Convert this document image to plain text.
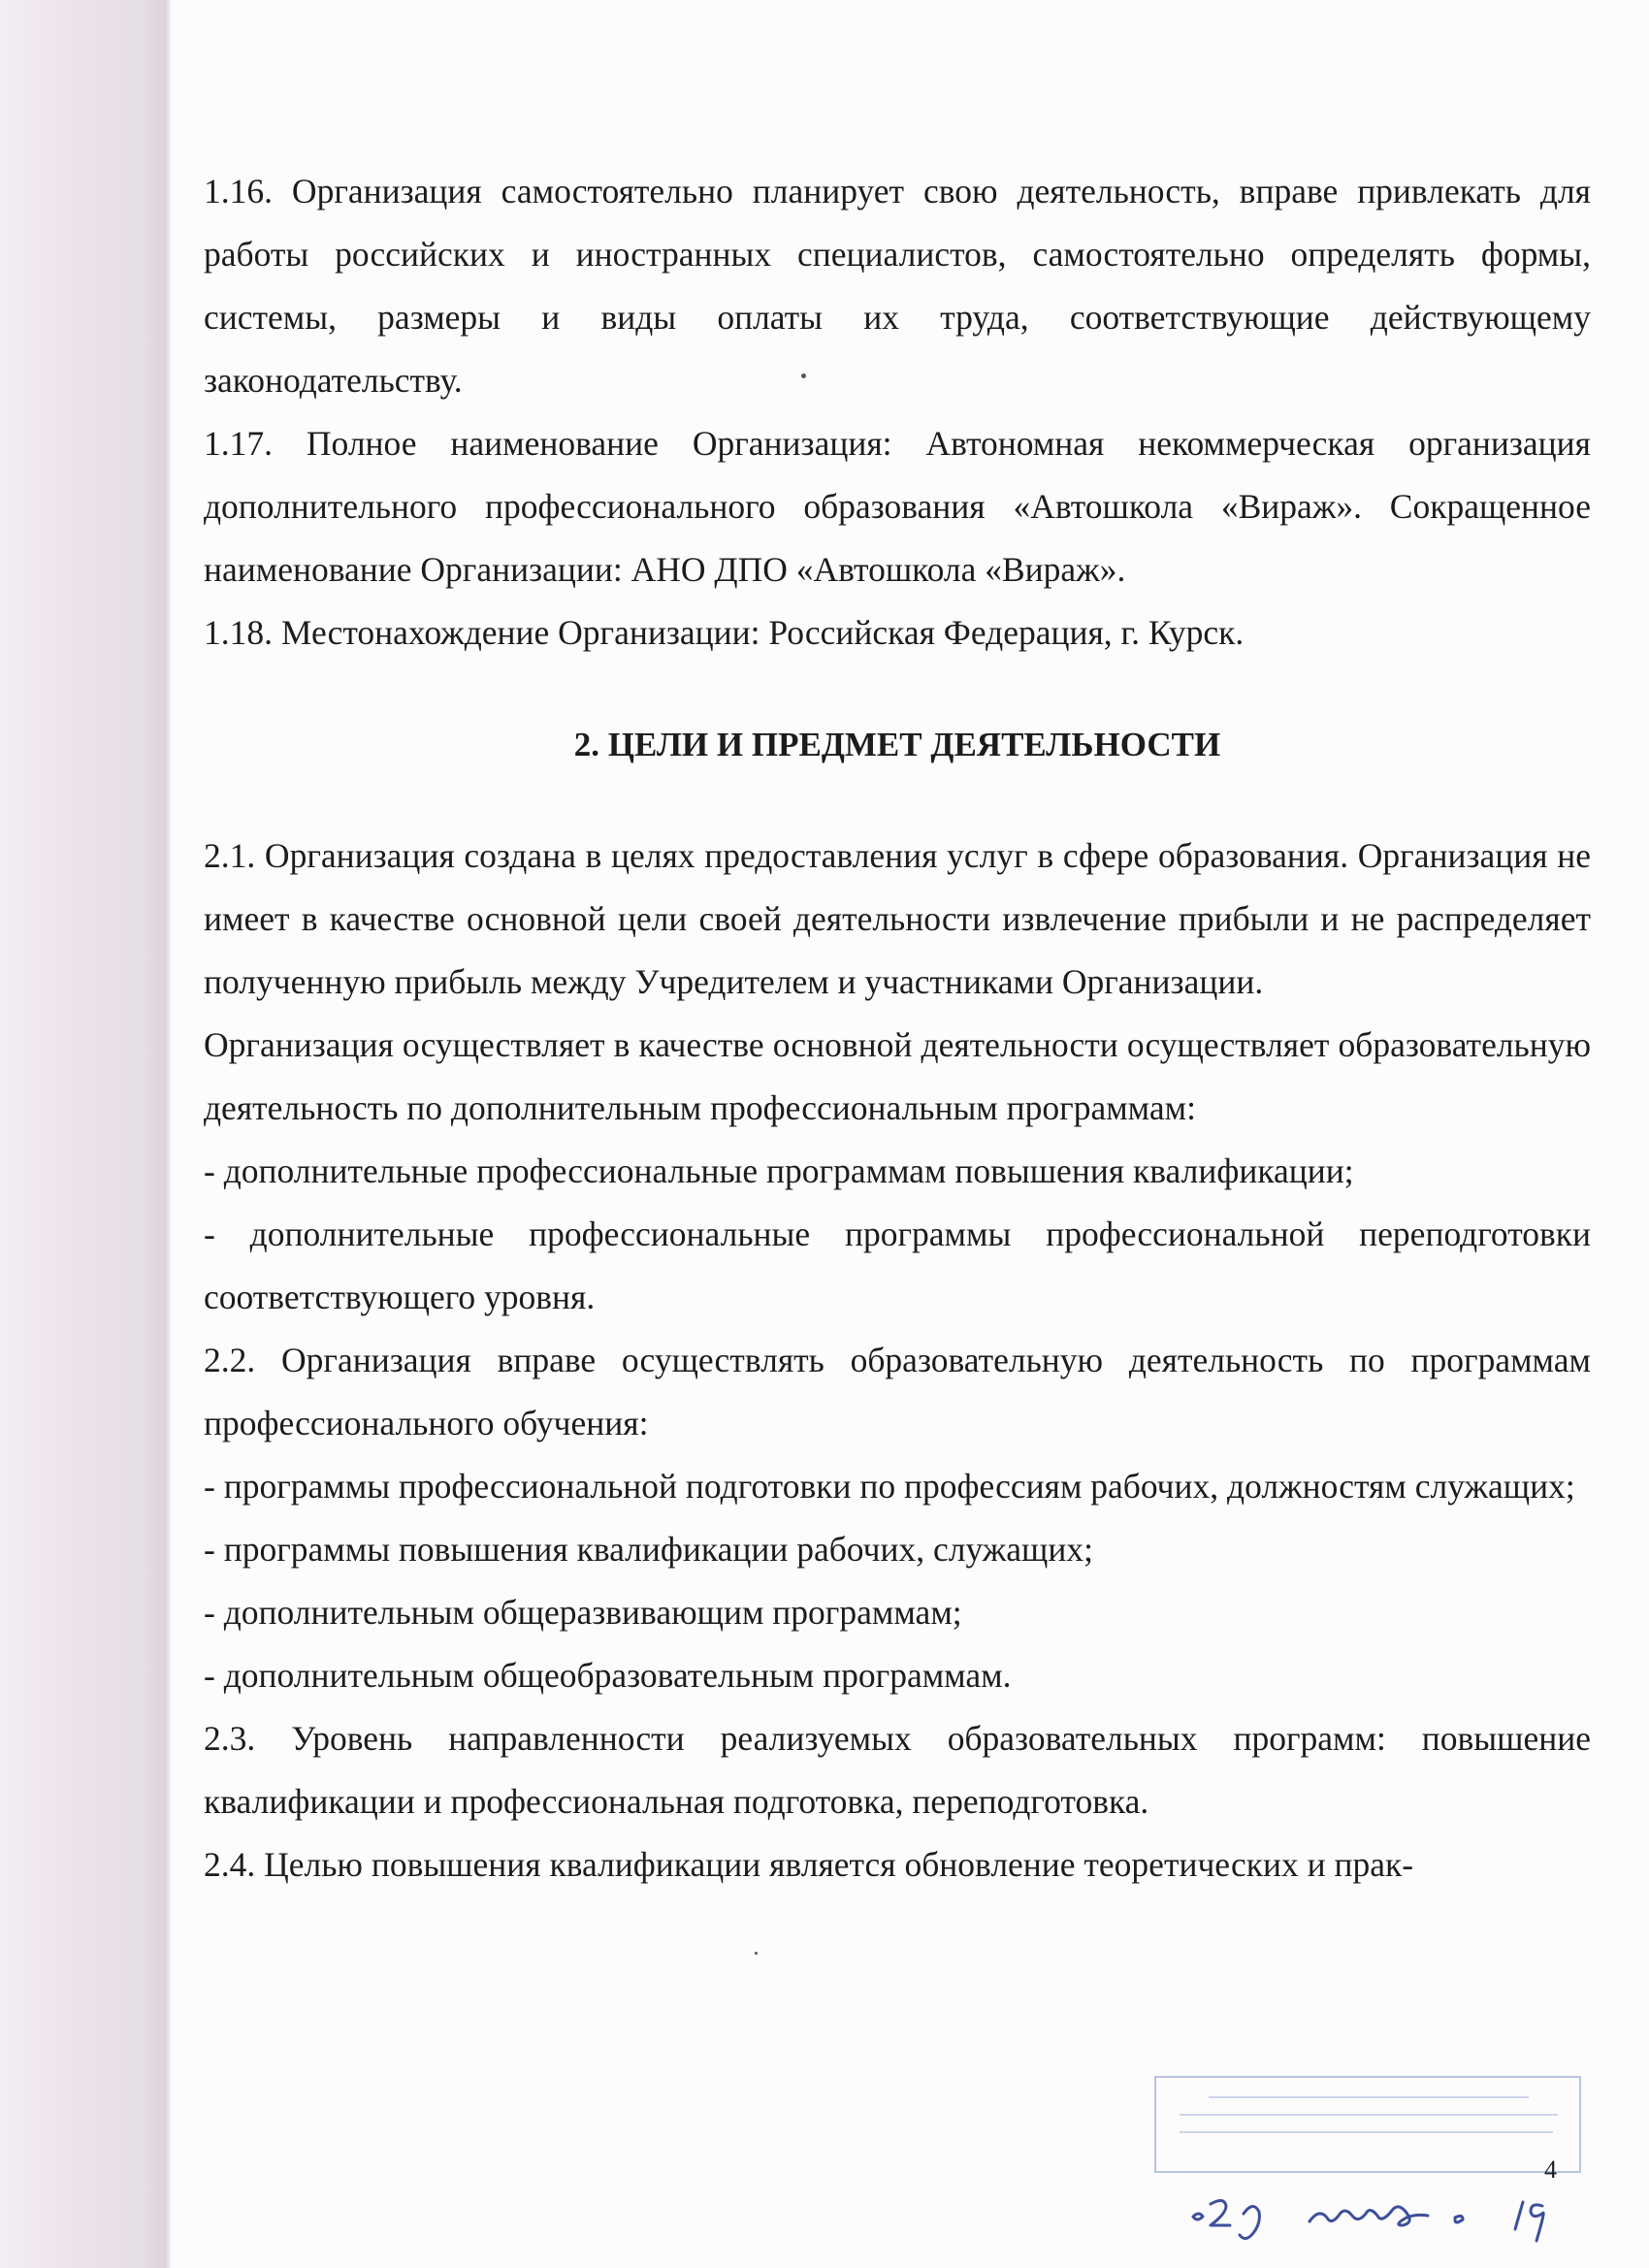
1.16. Организация самостоятельно планирует свою деятельность, вправе привлекать для работы российских и иностранных специалистов, самостоятельно определять формы, системы, размеры и виды оплаты их труда, соответствующие действующему законодательству.

1.17. Полное наименование Организация: Автономная некоммерческая организация дополнительного профессионального образования «Автошкола «Вираж». Сокращенное наименование Организации: АНО ДПО «Автошкола «Вираж».

1.18. Местонахождение Организации: Российская Федерация, г. Курск.

2. ЦЕЛИ И ПРЕДМЕТ ДЕЯТЕЛЬНОСТИ

2.1. Организация создана в целях предоставления услуг в сфере образования. Организация не имеет в качестве основной цели своей деятельности извлечение прибыли и не распределяет полученную прибыль между Учредителем и участниками Организации.

Организация осуществляет в качестве основной деятельности осуществляет образовательную деятельность по дополнительным профессиональным программам:

- дополнительные профессиональные программам повышения квалификации;

- дополнительные профессиональные программы профессиональной переподготовки соответствующего уровня.

2.2. Организация вправе осуществлять образовательную деятельность по программам профессионального обучения:

- программы профессиональной подготовки по профессиям рабочих, должностям служащих;

- программы повышения квалификации рабочих, служащих;

- дополнительным общеразвивающим программам;

- дополнительным общеобразовательным программам.

2.3. Уровень направленности реализуемых образовательных программ: повышение квалификации и профессиональная подготовка, переподготовка.

2.4. Целью повышения квалификации является обновление теоретических и прак-

4
